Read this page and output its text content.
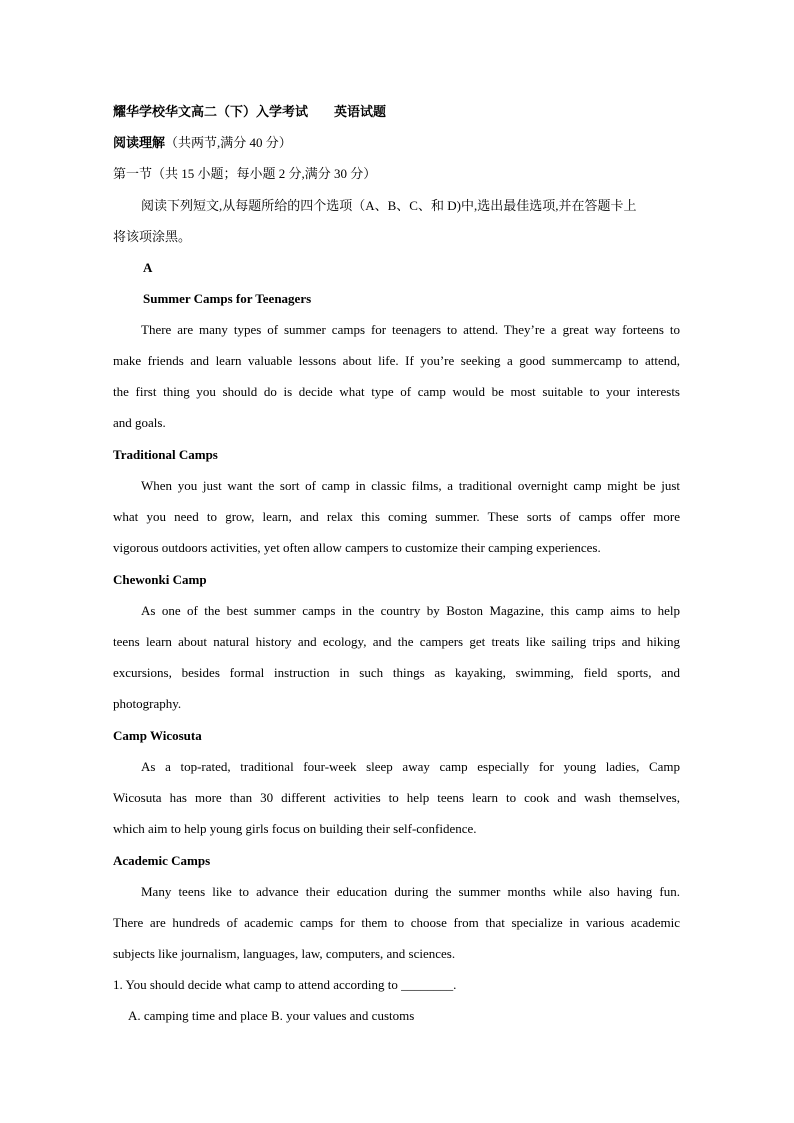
耀华学校华文高二（下）入学考试 英语试题
阅读理解（共两节,满分 40 分）
第一节（共 15 小题；每小题 2 分,满分 30 分）
阅读下列短文,从每题所给的四个选项（A、B、C、和 D)中,选出最佳选项,并在答题卡上
将该项涂黑。
A
Summer Camps for Teenagers
There are many types of summer camps for teenagers to attend. They’re a great way forteens to
make friends and learn valuable lessons about life. If you’re seeking a good summercamp to attend,
the first thing you should do is decide what type of camp would be most suitable to your interests
and goals.
Traditional Camps
When you just want the sort of camp in classic films, a traditional overnight camp might be just
what you need to grow, learn, and relax this coming summer. These sorts of camps offer more
vigorous outdoors activities, yet often allow campers to customize their camping experiences.
Chewonki Camp
As one of the best summer camps in the country by Boston Magazine, this camp aims to help
teens learn about natural history and ecology, and the campers get treats like sailing trips and hiking
excursions, besides formal instruction in such things as kayaking, swimming, field sports, and
photography.
Camp Wicosuta
As a top-rated, traditional four-week sleep away camp especially for young ladies, Camp
Wicosuta has more than 30 different activities to help teens learn to cook and wash themselves,
which aim to help young girls focus on building their self-confidence.
Academic Camps
Many teens like to advance their education during the summer months while also having fun.
There are hundreds of academic camps for them to choose from that specialize in various academic
subjects like journalism, languages, law, computers, and sciences.
1. You should decide what camp to attend according to ________.
A. camping time and place B. your values and customs
